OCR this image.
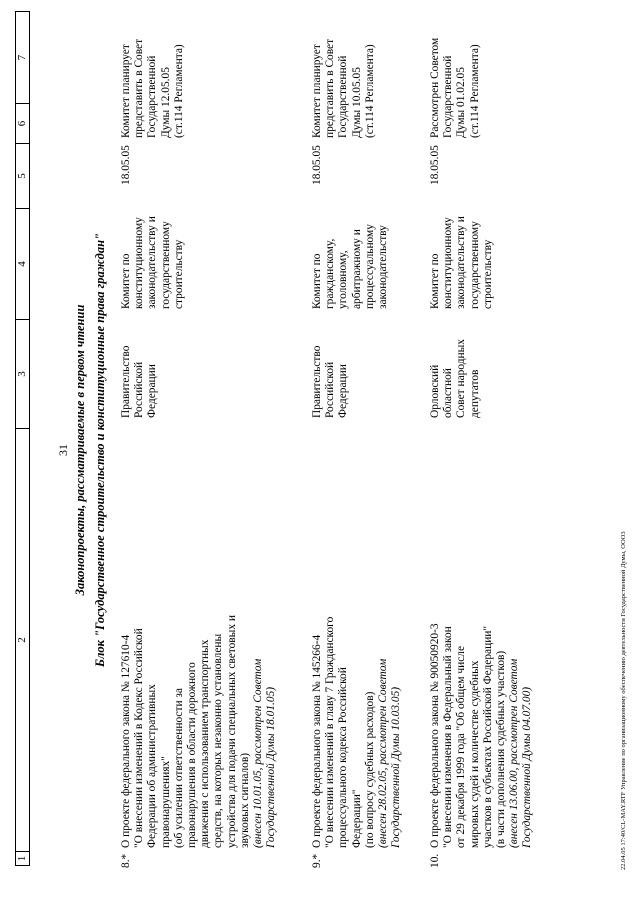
1
2
3
4
5
6
7
31 Законопроекты, рассматриваемые в первом чтении Блок "Государственное строительство и конституционные права граждан"
8.*
О проекте федерального закона № 127610-4 "О внесении изменений в Кодекс Российской Федерации об административных правонарушениях" (об усилении ответственности за правонарушения в области дорожного движения с использованием транспортных средств, на которых незаконно установлены устройства для подачи специальных световых и звуковых сигналов) (внесен 10.01.05, рассмотрен Советом Государственной Думы 18.01.05)
Правительство Российской Федерации
Комитет по конституционному законодательству и государственному строительству
18.05.05
Комитет планирует представить в Совет Государственной Думы 12.05.05 (ст.114 Регламента)
9.*
О проекте федерального закона № 145266-4 "О внесении изменений в главу 7 Гражданского процессуального кодекса Российской Федерации" (по вопросу судебных расходов) (внесен 28.02.05, рассмотрен Советом Государственной Думы 10.03.05)
Правительство Российской Федерации
Комитет по гражданскому, уголовному, арбитражному и процессуальному законодательству
18.05.05
Комитет планирует представить в Совет Государственной Думы 10.05.05 (ст.114 Регламента)
10.
О проекте федерального закона № 90050920-3 "О внесении изменения в Федеральный закон от 29 декабря 1999 года "Об общем числе мировых судей и количестве судебных участков в субъектах Российской Федерации" (в части дополнения судебных участков) (внесен 13.06.00, рассмотрен Советом Государственной Думы 04.07.00)
Орловский областной Совет народных депутатов
Комитет по конституционному законодательству и государственному строительству
18.05.05
Рассмотрен Советом Государственной Думы 01.02.05 (ст.114 Регламента)
22.04.05 17:40/CL-MAY.RTF Управление по организационному обеспечению деятельности Государственной Думы, ООО3
